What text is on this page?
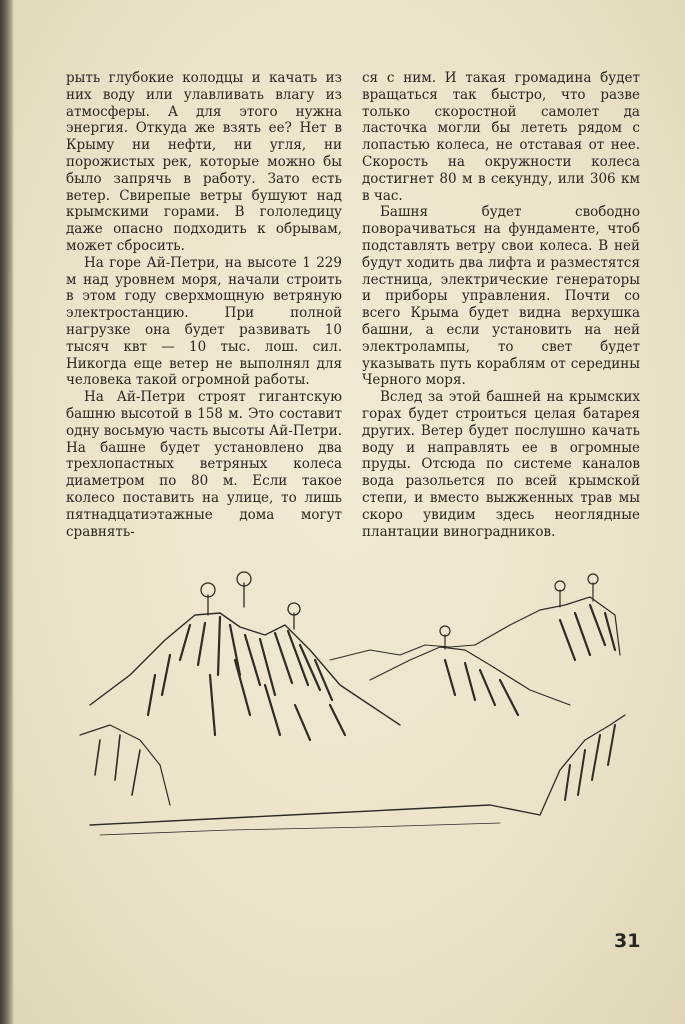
рыть глубокие колодцы и качать из них воду или улавливать влагу из атмосферы. А для этого нужна энергия. Откуда же взять ее? Нет в Крыму ни нефти, ни угля, ни порожистых рек, которые можно бы было запрячь в работу. Зато есть ветер. Свирепые ветры бушуют над крымскими горами. В гололедицу даже опасно подходить к обрывам, может сбросить.

На горе Ай-Петри, на высоте 1 229 м над уровнем моря, начали строить в этом году сверхмощную ветряную электростанцию. При полной нагрузке она будет развивать 10 тысяч квт — 10 тыс. лош. сил. Никогда еще ветер не выполнял для человека такой огромной работы.

На Ай-Петри строят гигантскую башню высотой в 158 м. Это составит одну восьмую часть высоты Ай-Петри. На башне будет установлено два трехлопастных ветряных колеса диаметром по 80 м. Если такое колесо поставить на улице, то лишь пятнадцатиэтажные дома могут сравнять-

ся с ним. И такая громадина будет вращаться так быстро, что разве только скоростной самолет да ласточка могли бы лететь рядом с лопастью колеса, не отставая от нее. Скорость на окружности колеса достигнет 80 м в секунду, или 306 км в час.

Башня будет свободно поворачиваться на фундаменте, чтоб подставлять ветру свои колеса. В ней будут ходить два лифта и разместятся лестница, электрические генераторы и приборы управления. Почти со всего Крыма будет видна верхушка башни, а если установить на ней электролампы, то свет будет указывать путь кораблям от середины Черного моря.

Вслед за этой башней на крымских горах будет строиться целая батарея других. Ветер будет послушно качать воду и направлять ее в огромные пруды. Отсюда по системе каналов вода разольется по всей крымской степи, и вместо выжженных трав мы скоро увидим здесь неоглядные плантации виноградников.

31
